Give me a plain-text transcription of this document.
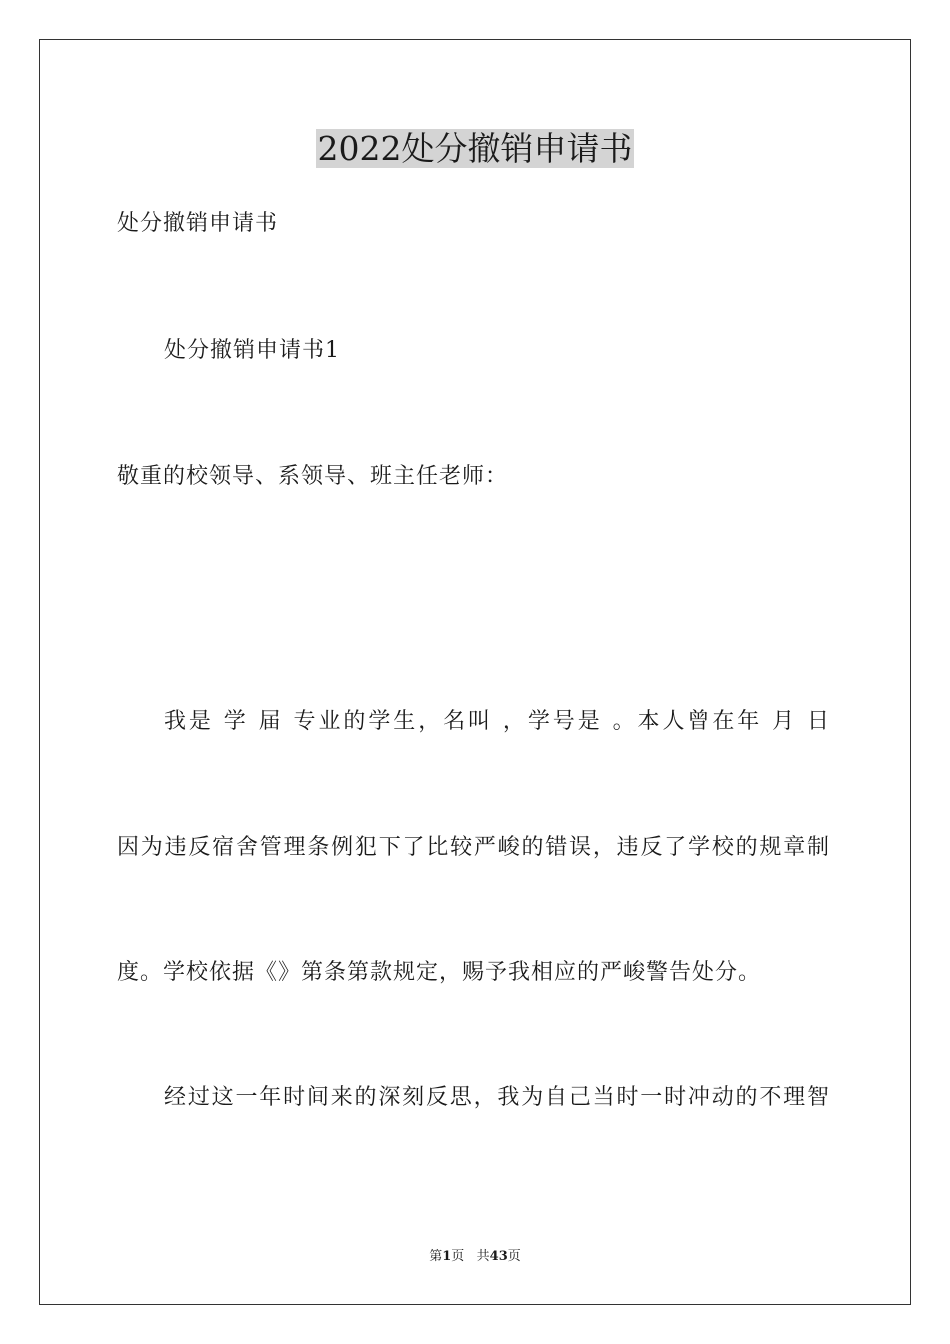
2022处分撤销申请书

处分撤销申请书

处分撤销申请书1

敬重的校领导、系领导、班主任老师：

我是 学 届 专业的学生，名叫 ，学号是 。本人曾在年 月 日

因为违反宿舍管理条例犯下了比较严峻的错误，违反了学校的规章制

度。学校依据《》第条第款规定，赐予我相应的严峻警告处分。

经过这一年时间来的深刻反思，我为自己当时一时冲动的不理智

第1页   共43页
